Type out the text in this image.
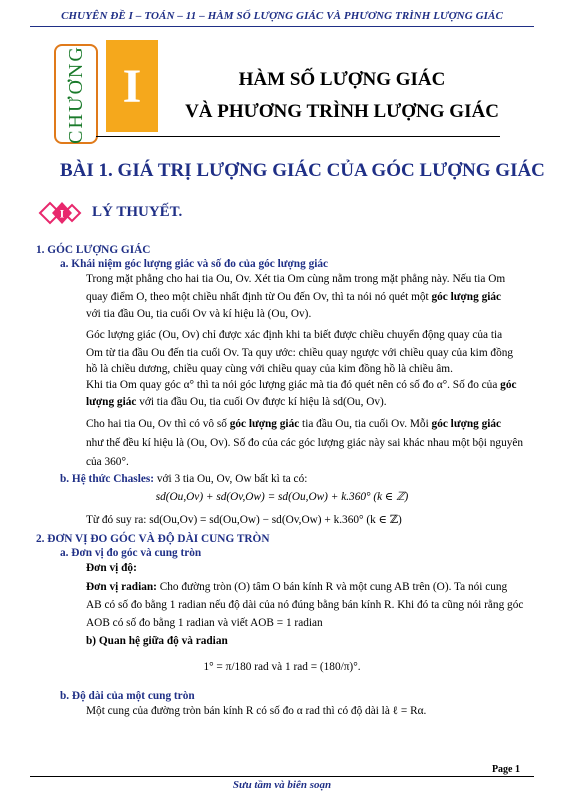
CHUYÊN ĐỀ I – TOÁN – 11 – HÀM SỐ LƯỢNG GIÁC VÀ PHƯƠNG TRÌNH LƯỢNG GIÁC
CHƯƠNG I	HÀM SỐ LƯỢNG GIÁC
VÀ PHƯƠNG TRÌNH LƯỢNG GIÁC
BÀI 1. GIÁ TRỊ LƯỢNG GIÁC CỦA GÓC LƯỢNG GIÁC
I LÝ THUYẾT.
1. GÓC LƯỢNG GIÁC
a. Khái niệm góc lượng giác và số đo của góc lượng giác
Trong mặt phẳng cho hai tia Ou, Ov. Xét tia Om cùng nằm trong mặt phẳng này. Nếu tia Om
quay điểm O, theo một chiều nhất định từ Ou đến Ov, thì ta nói nó quét một góc lượng giác
với tia đầu Ou, tia cuối Ov và kí hiệu là (Ou, Ov).
Góc lượng giác (Ou, Ov) chỉ được xác định khi ta biết được chiều chuyển động quay của tia
Om từ tia đầu Ou đến tia cuối Ov. Ta quy ước: chiều quay ngược với chiều quay của kim đồng
hồ là chiều dương, chiều quay cùng với chiều quay của kim đồng hồ là chiều âm.
Khi tia Om quay góc α° thì ta nói góc lượng giác mà tia đó quét nên có số đo α°. Số đo của góc
lượng giác với tia đầu Ou, tia cuối Ov được kí hiệu là sd(Ou, Ov).
Cho hai tia Ou, Ov thì có vô số góc lượng giác tia đầu Ou, tia cuối Ov. Mỗi góc lượng giác
như thế đều kí hiệu là (Ou, Ov). Số đo của các góc lượng giác này sai khác nhau một bội nguyên
của 360°.
b. Hệ thức Chasles: với 3 tia Ou, Ov, Ow bất kì ta có:
sd(Ou,Ov) + sd(Ov,Ow) = sd(Ou,Ow) + k.360° (k ∈ ℤ)
Từ đó suy ra: sd(Ou,Ov) = sd(Ou,Ow) − sd(Ov,Ow) + k.360° (k ∈ ℤ)
2. ĐƠN VỊ ĐO GÓC VÀ ĐỘ DÀI CUNG TRÒN
a. Đơn vị đo góc và cung tròn
Đơn vị độ:
Đơn vị radian: Cho đường tròn (O) tâm O bán kính R và một cung AB trên (O). Ta nói cung
AB có số đo bằng 1 radian nếu độ dài của nó đúng bằng bán kính R. Khi đó ta cũng nói rằng góc
AOB có số đo bằng 1 radian và viết AOB = 1 radian
b) Quan hệ giữa độ và radian
1° = π/180 rad và 1 rad = (180/π)°.
b. Độ dài của một cung tròn
Một cung của đường tròn bán kính R có số đo α rad thì có độ dài là ℓ = Rα.
Page 1
Sưu tầm và biên soạn
